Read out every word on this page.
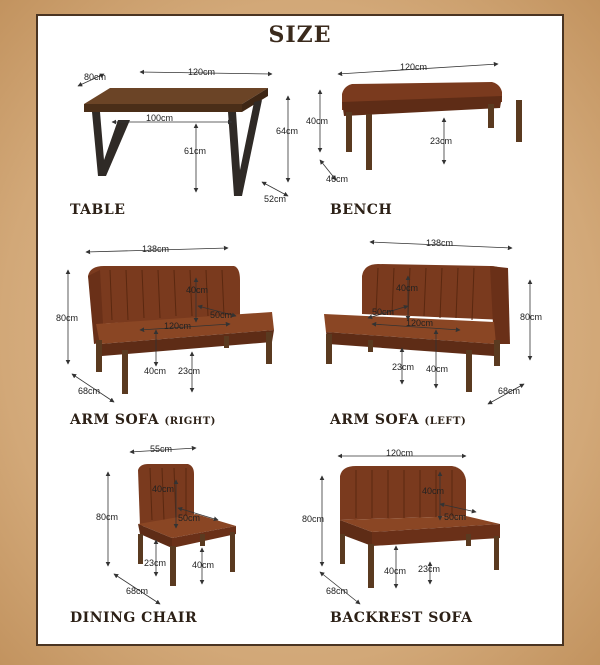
SIZE
80cm	120cm
100cm
64cm
61cm
52cm
TABLE
120cm
40cm
23cm
46cm
BENCH
138cm
40cm
50cm
120cm
80cm
40cm 23cm
68cm
ARM SOFA (RIGHT)
138cm
40cm
50cm
120cm
80cm
23cm 40cm
68cm
ARM SOFA (LEFT)
55cm
40cm
50cm
80cm
23cm	40cm
68cm
DINING CHAIR
120cm
40cm
50cm
80cm
40cm 23cm
68cm
BACKREST SOFA
